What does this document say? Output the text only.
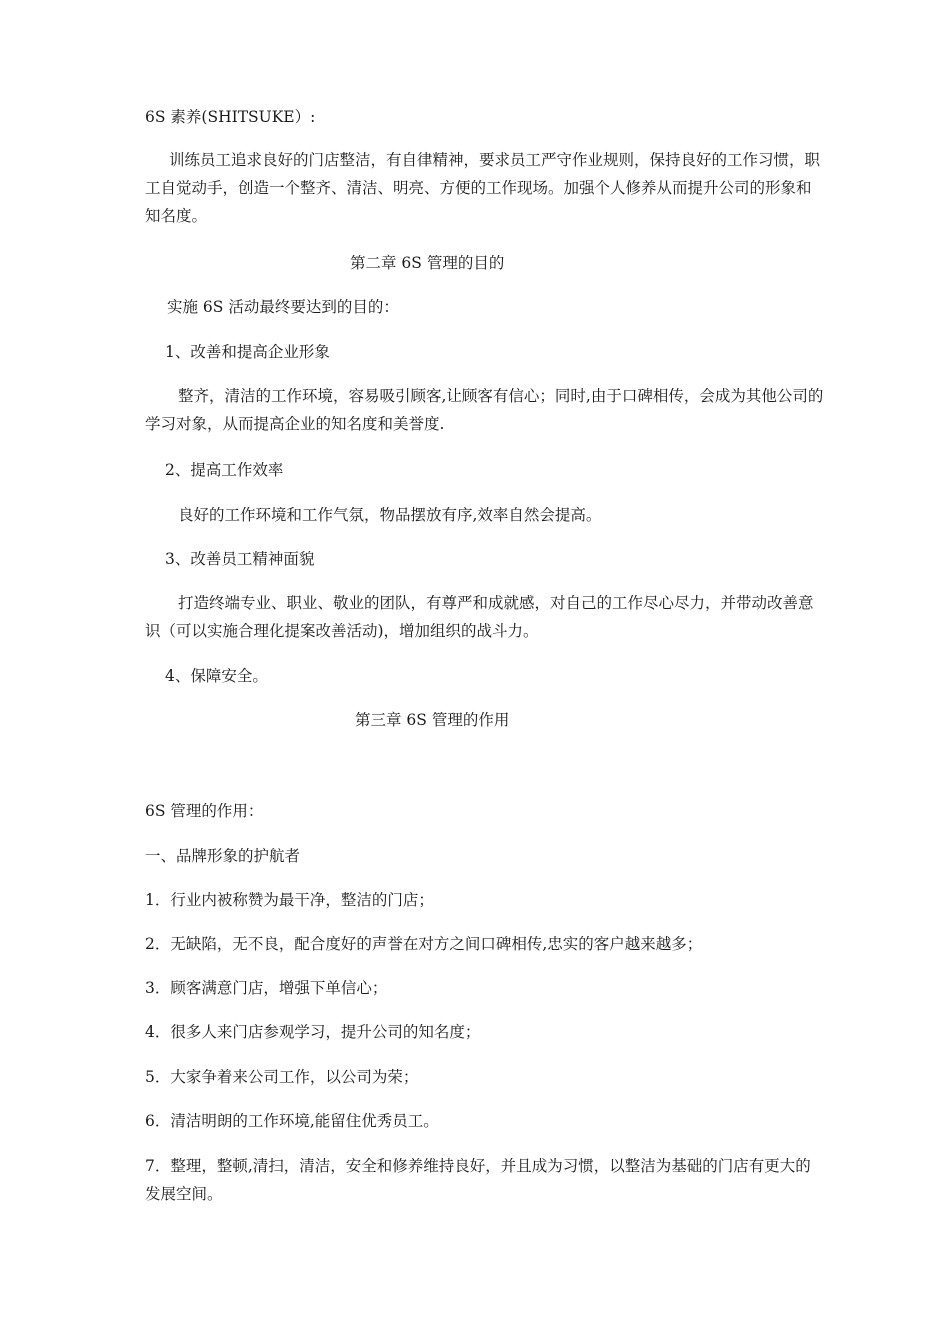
6S 素养(SHITSUKE）:

训练员工追求良好的门店整洁，有自律精神，要求员工严守作业规则，保持良好的工作习惯，职工自觉动手，创造一个整齐、清洁、明亮、方便的工作现场。加强个人修养从而提升公司的形象和知名度。

第二章 6S 管理的目的

实施 6S 活动最终要达到的目的：

1、改善和提高企业形象

整齐，清洁的工作环境，容易吸引顾客,让顾客有信心；同时,由于口碑相传，会成为其他公司的学习对象，从而提高企业的知名度和美誉度.

2、提高工作效率

良好的工作环境和工作气氛，物品摆放有序,效率自然会提高。

3、改善员工精神面貌

打造终端专业、职业、敬业的团队，有尊严和成就感，对自己的工作尽心尽力，并带动改善意识（可以实施合理化提案改善活动)，增加组织的战斗力。

4、保障安全。

第三章 6S 管理的作用

6S 管理的作用：

一、品牌形象的护航者

1．行业内被称赞为最干净，整洁的门店；

2．无缺陷，无不良，配合度好的声誉在对方之间口碑相传,忠实的客户越来越多；

3．顾客满意门店，增强下单信心；

4．很多人来门店参观学习，提升公司的知名度；

5．大家争着来公司工作，以公司为荣；

6．清洁明朗的工作环境,能留住优秀员工。

7．整理，整顿,清扫，清洁，安全和修养维持良好，并且成为习惯，以整洁为基础的门店有更大的发展空间。
